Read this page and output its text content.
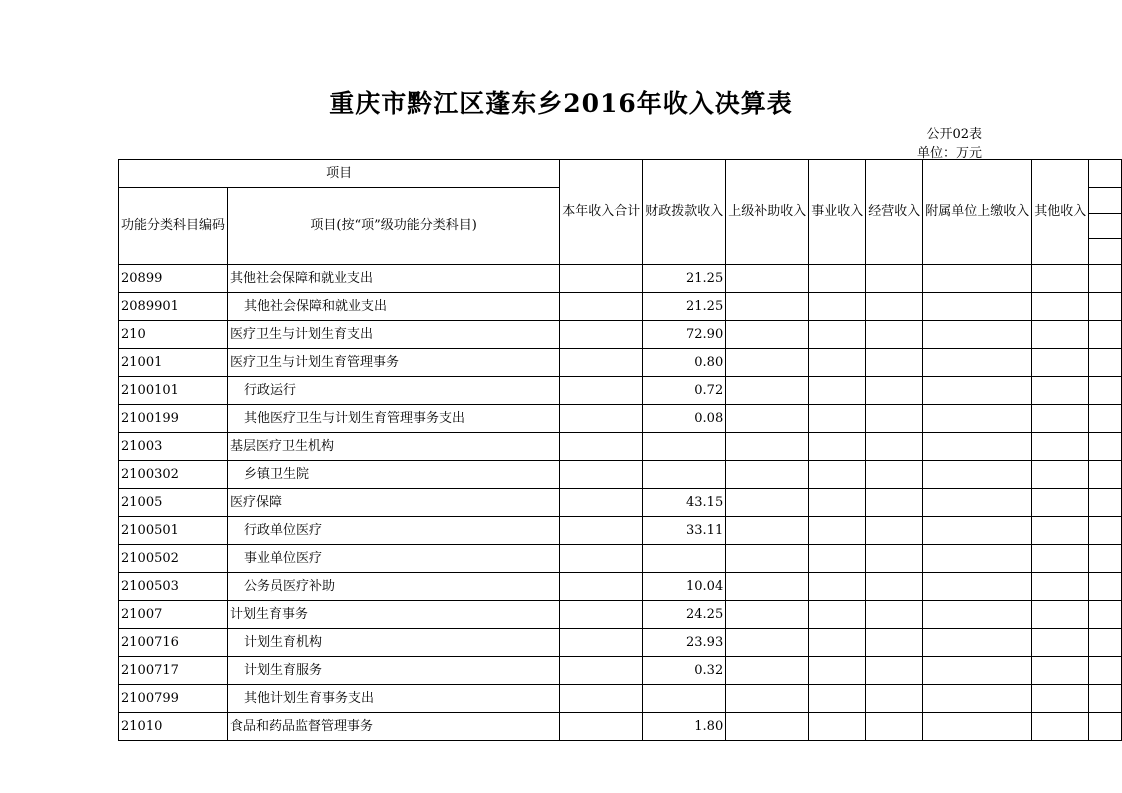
重庆市黔江区蓬东乡2016年收入决算表
公开02表
单位：万元
项目		本年收入合计	财政拨款收入	上级补助收入	事业收入	经营收入	附属单位上缴收入	其他收入	
功能分类科目编码	项目(按“项”级功能分类科目)								

20899	其他社会保障和就业支出		21.25						
2089901	其他社会保障和就业支出		21.25						
210	医疗卫生与计划生育支出		72.90						
21001	医疗卫生与计划生育管理事务		0.80						
2100101	行政运行		0.72						
2100199	其他医疗卫生与计划生育管理事务支出		0.08						
21003	基层医疗卫生机构								
2100302	乡镇卫生院								
21005	医疗保障		43.15						
2100501	行政单位医疗		33.11						
2100502	事业单位医疗								
2100503	公务员医疗补助		10.04						
21007	计划生育事务		24.25						
2100716	计划生育机构		23.93						
2100717	计划生育服务		0.32						
2100799	其他计划生育事务支出								
21010	食品和药品监督管理事务		1.80						
